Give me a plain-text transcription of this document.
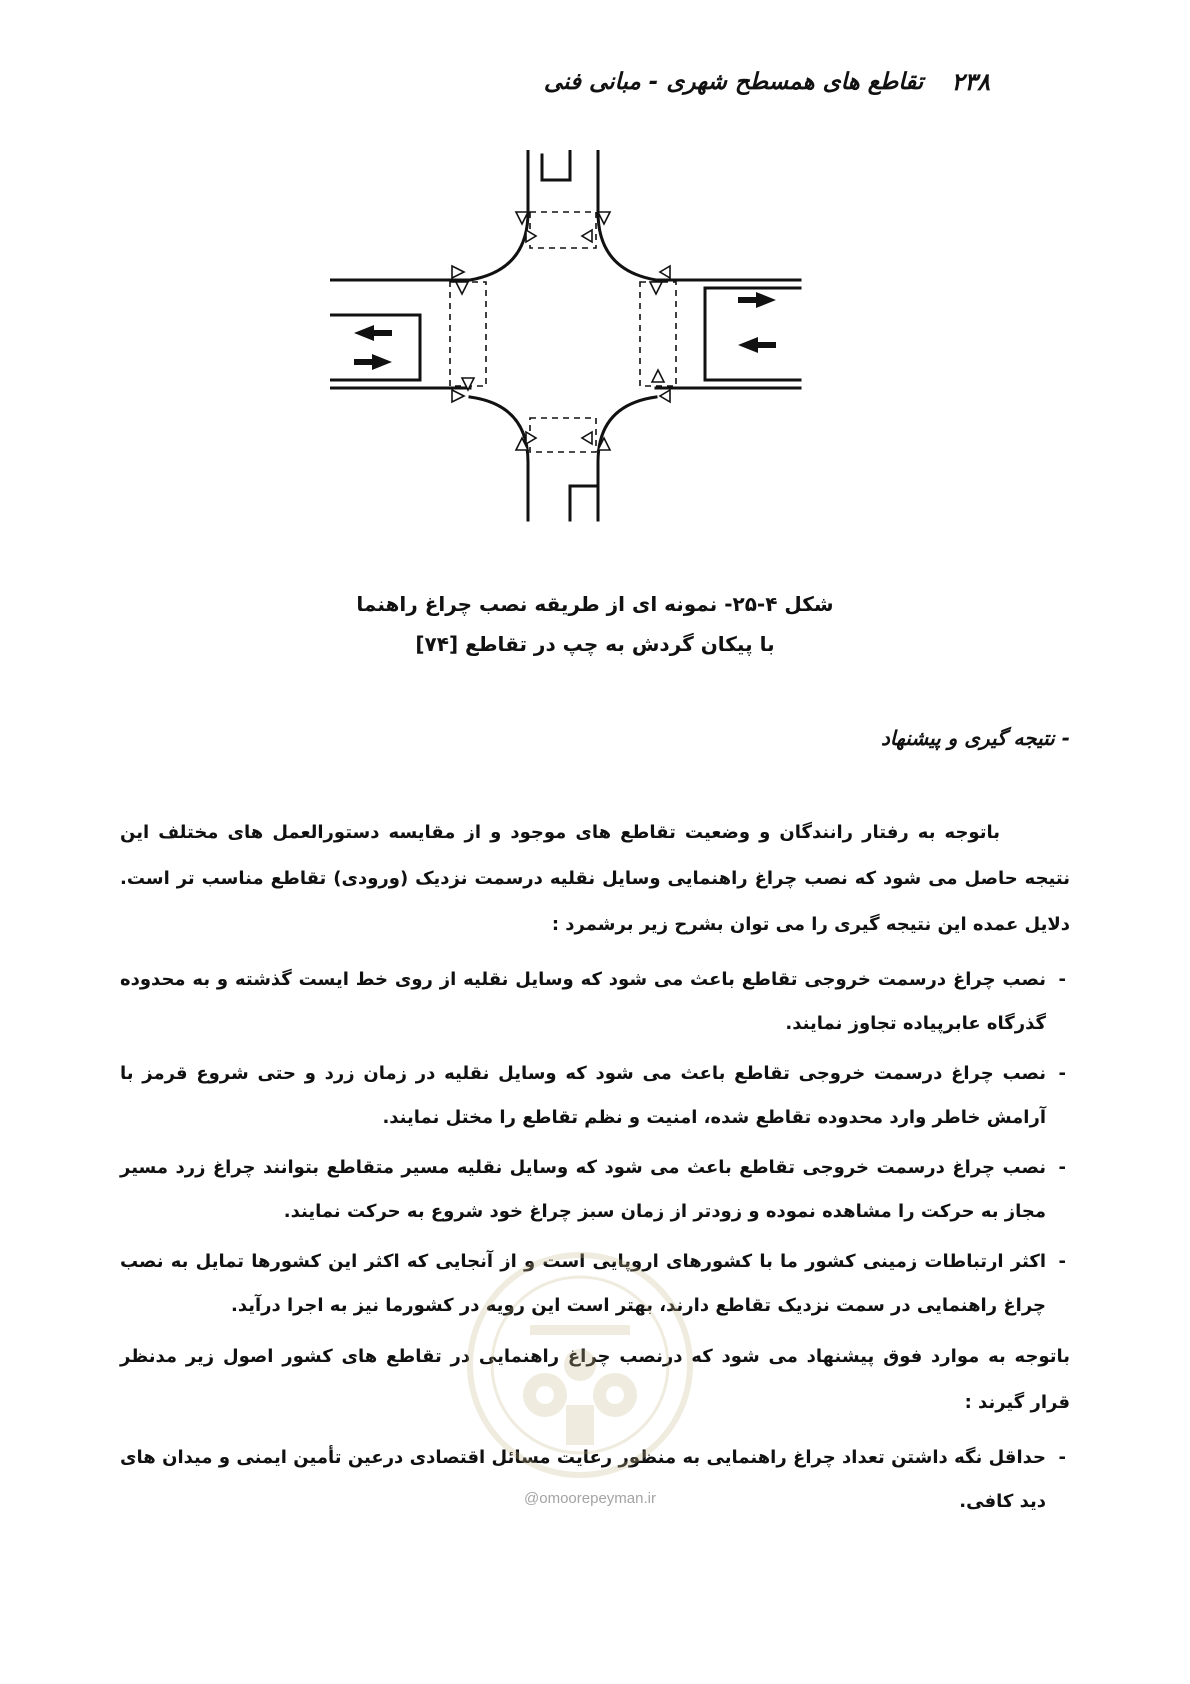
۲۳۸
تقاطع های همسطح شهری - مبانی فنی
شکل ۴-۲۵- نمونه ای از طریقه نصب چراغ راهنما
با پیکان گردش به چپ در تقاطع [۷۴]
- نتیجه گیری و پیشنهاد

باتوجه به رفتار رانندگان و وضعیت تقاطع های موجود و از مقایسه دستورالعمل های مختلف این نتیجه حاصل می شود که نصب چراغ راهنمایی وسایل نقلیه درسمت نزدیک (ورودی) تقاطع مناسب تر است. دلایل عمده این نتیجه گیری را می توان بشرح زیر برشمرد :

- نصب چراغ درسمت خروجی تقاطع باعث می شود که وسایل نقلیه از روی خط ایست گذشته و به محدوده گذرگاه عابرپیاده تجاوز نمایند.
- نصب چراغ درسمت خروجی تقاطع باعث می شود که وسایل نقلیه در زمان زرد و حتی شروع قرمز با آرامش خاطر وارد محدوده تقاطع شده، امنیت و نظم تقاطع را مختل نمایند.
- نصب چراغ درسمت خروجی تقاطع باعث می شود که وسایل نقلیه مسیر متقاطع بتوانند چراغ زرد مسیر مجاز به حرکت را مشاهده نموده و زودتر از زمان سبز چراغ خود شروع به حرکت نمایند.
- اکثر ارتباطات زمینی کشور ما با کشورهای اروپایی است و از آنجایی که اکثر این کشورها تمایل به نصب چراغ راهنمایی در سمت نزدیک تقاطع دارند، بهتر است این رویه در کشورما نیز به اجرا درآید.

باتوجه به موارد فوق پیشنهاد می شود که درنصب چراغ راهنمایی در تقاطع های کشور اصول زیر مدنظر قرار گیرند :

- حداقل نگه داشتن تعداد چراغ راهنمایی به منظور رعایت مسائل اقتصادی درعین تأمین ایمنی و میدان های دید کافی.
@omoorepeyman.ir
